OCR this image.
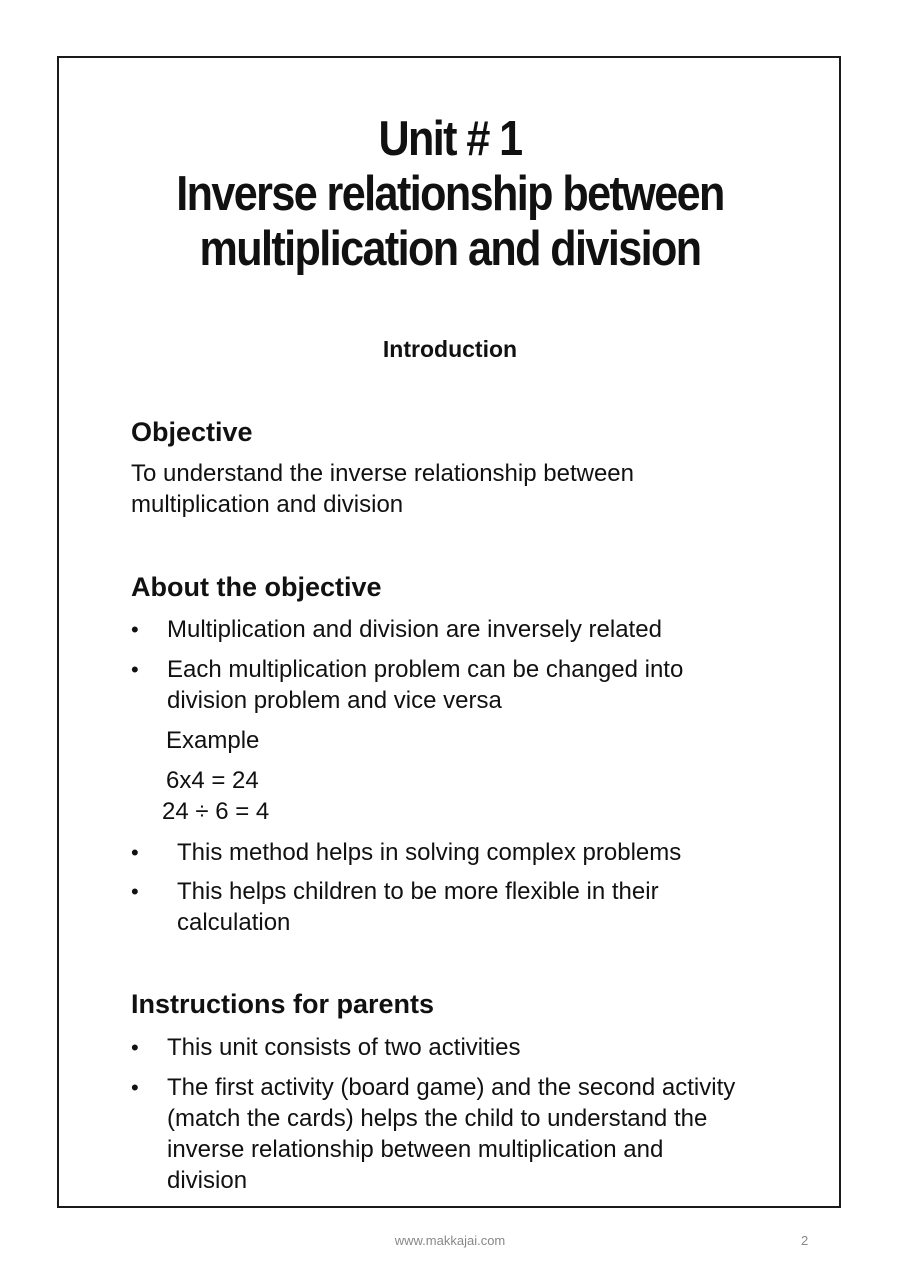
Unit # 1
Inverse relationship between
multiplication and division
Introduction
Objective
To understand the inverse relationship between
multiplication and division
About the objective
• Multiplication and division are inversely related
• Each multiplication problem can be changed into
division problem and vice versa
Example
6x4 = 24
24 ÷ 6 = 4
• This method helps in solving complex problems
• This helps children to be more flexible in their
calculation
Instructions for parents
• This unit consists of two activities
• The first activity (board game) and the second activity
(match the cards) helps the child to understand the
inverse relationship between multiplication and
division
www.makkajai.com	2
